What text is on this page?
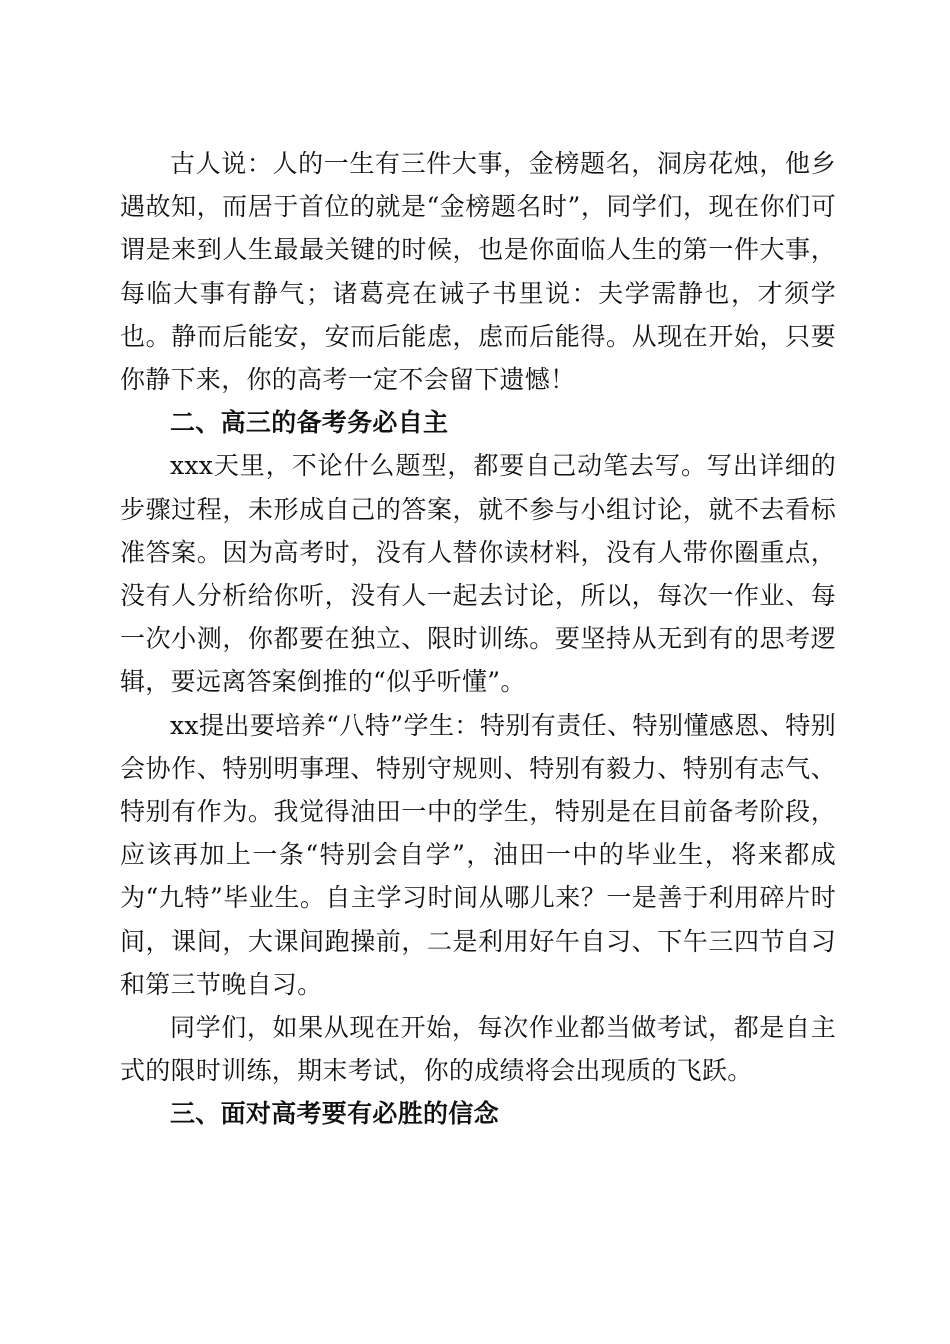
古人说：人的一生有三件大事，金榜题名，洞房花烛，他乡遇故知，而居于首位的就是“金榜题名时”，同学们，现在你们可谓是来到人生最最关键的时候，也是你面临人生的第一件大事，每临大事有静气；诸葛亮在诫子书里说：夫学需静也，才须学也。静而后能安，安而后能虑，虑而后能得。从现在开始，只要你静下来，你的高考一定不会留下遗憾！

二、高三的备考务必自主

xxx天里，不论什么题型，都要自己动笔去写。写出详细的步骤过程，未形成自己的答案，就不参与小组讨论，就不去看标准答案。因为高考时，没有人替你读材料，没有人带你圈重点，没有人分析给你听，没有人一起去讨论，所以，每次一作业、每一次小测，你都要在独立、限时训练。要坚持从无到有的思考逻辑，要远离答案倒推的“似乎听懂”。

xx提出要培养“八特”学生：特别有责任、特别懂感恩、特别会协作、特别明事理、特别守规则、特别有毅力、特别有志气、特别有作为。我觉得油田一中的学生，特别是在目前备考阶段，应该再加上一条“特别会自学”，油田一中的毕业生，将来都成为“九特”毕业生。自主学习时间从哪儿来？一是善于利用碎片时间，课间，大课间跑操前，二是利用好午自习、下午三四节自习和第三节晚自习。

同学们，如果从现在开始，每次作业都当做考试，都是自主式的限时训练，期末考试，你的成绩将会出现质的飞跃。

三、面对高考要有必胜的信念
